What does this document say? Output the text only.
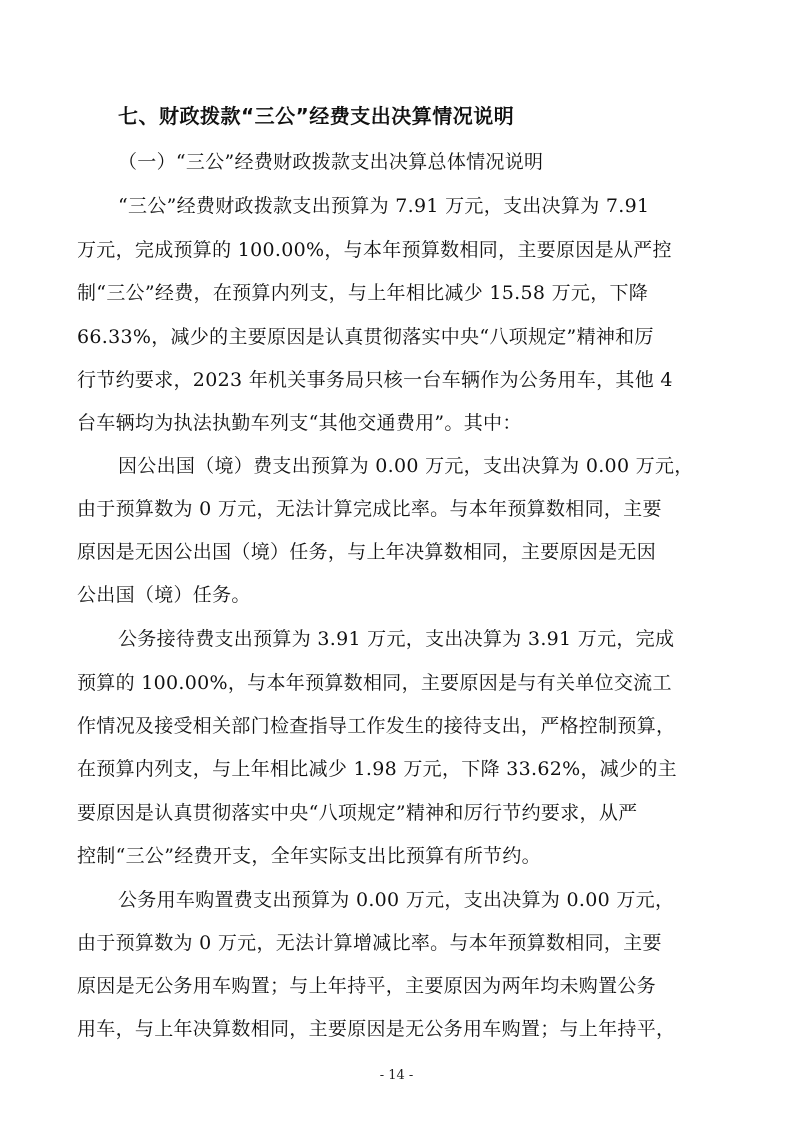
七、财政拨款“三公”经费支出决算情况说明
（一）“三公”经费财政拨款支出决算总体情况说明
“三公”经费财政拨款支出预算为 7.91 万元，支出决算为 7.91
万元，完成预算的 100.00%，与本年预算数相同，主要原因是从严控
制“三公”经费，在预算内列支，与上年相比减少 15.58 万元，下降
66.33%，减少的主要原因是认真贯彻落实中央“八项规定”精神和厉
行节约要求，2023 年机关事务局只核一台车辆作为公务用车，其他 4
台车辆均为执法执勤车列支“其他交通费用”。其中：
因公出国（境）费支出预算为 0.00 万元，支出决算为 0.00 万元，
由于预算数为 0 万元，无法计算完成比率。与本年预算数相同，主要
原因是无因公出国（境）任务，与上年决算数相同，主要原因是无因
公出国（境）任务。
公务接待费支出预算为 3.91 万元，支出决算为 3.91 万元，完成
预算的 100.00%，与本年预算数相同，主要原因是与有关单位交流工
作情况及接受相关部门检查指导工作发生的接待支出，严格控制预算，
在预算内列支，与上年相比减少 1.98 万元，下降 33.62%，减少的主
要原因是认真贯彻落实中央“八项规定”精神和厉行节约要求，从严
控制“三公”经费开支，全年实际支出比预算有所节约。
公务用车购置费支出预算为 0.00 万元，支出决算为 0.00 万元，
由于预算数为 0 万元，无法计算增减比率。与本年预算数相同，主要
原因是无公务用车购置；与上年持平，主要原因为两年均未购置公务
用车，与上年决算数相同，主要原因是无公务用车购置；与上年持平，
- 14 -
